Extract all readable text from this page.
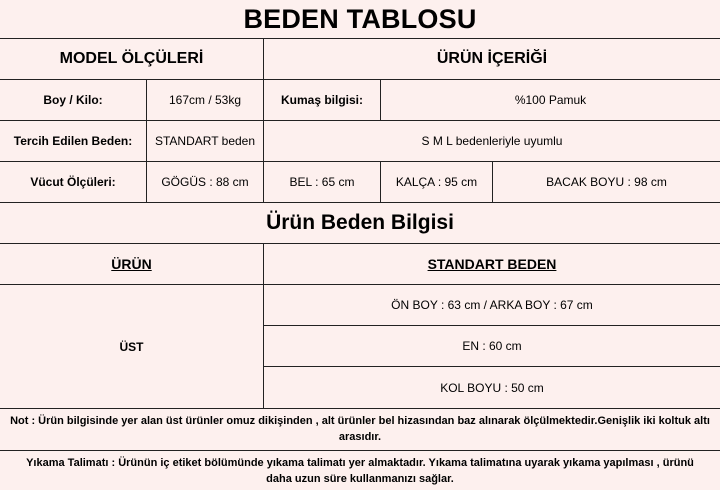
BEDEN TABLOSU
MODEL ÖLÇÜLERİ	ÜRÜN İÇERİĞİ
Boy / Kilo:	167cm / 53kg	Kumaş bilgisi:	%100 Pamuk
Tercih Edilen Beden:	STANDART beden	S M L bedenleriyle uyumlu
Vücut Ölçüleri:	GÖGÜS : 88 cm	BEL : 65 cm	KALÇA : 95 cm	BACAK BOYU : 98 cm
Ürün Beden Bilgisi
ÜRÜN	STANDART BEDEN
ÜST
ÖN BOY : 63 cm / ARKA BOY : 67 cm
EN : 60 cm
KOL BOYU : 50 cm
Not : Ürün bilgisinde yer alan üst ürünler omuz dikişinden , alt ürünler bel hizasından baz alınarak ölçülmektedir.Genişlik iki koltuk altı
arasıdır.
Yıkama Talimatı : Ürünün iç etiket bölümünde yıkama talimatı yer almaktadır. Yıkama talimatına uyarak yıkama yapılması , ürünü
daha uzun süre kullanmanızı sağlar.
